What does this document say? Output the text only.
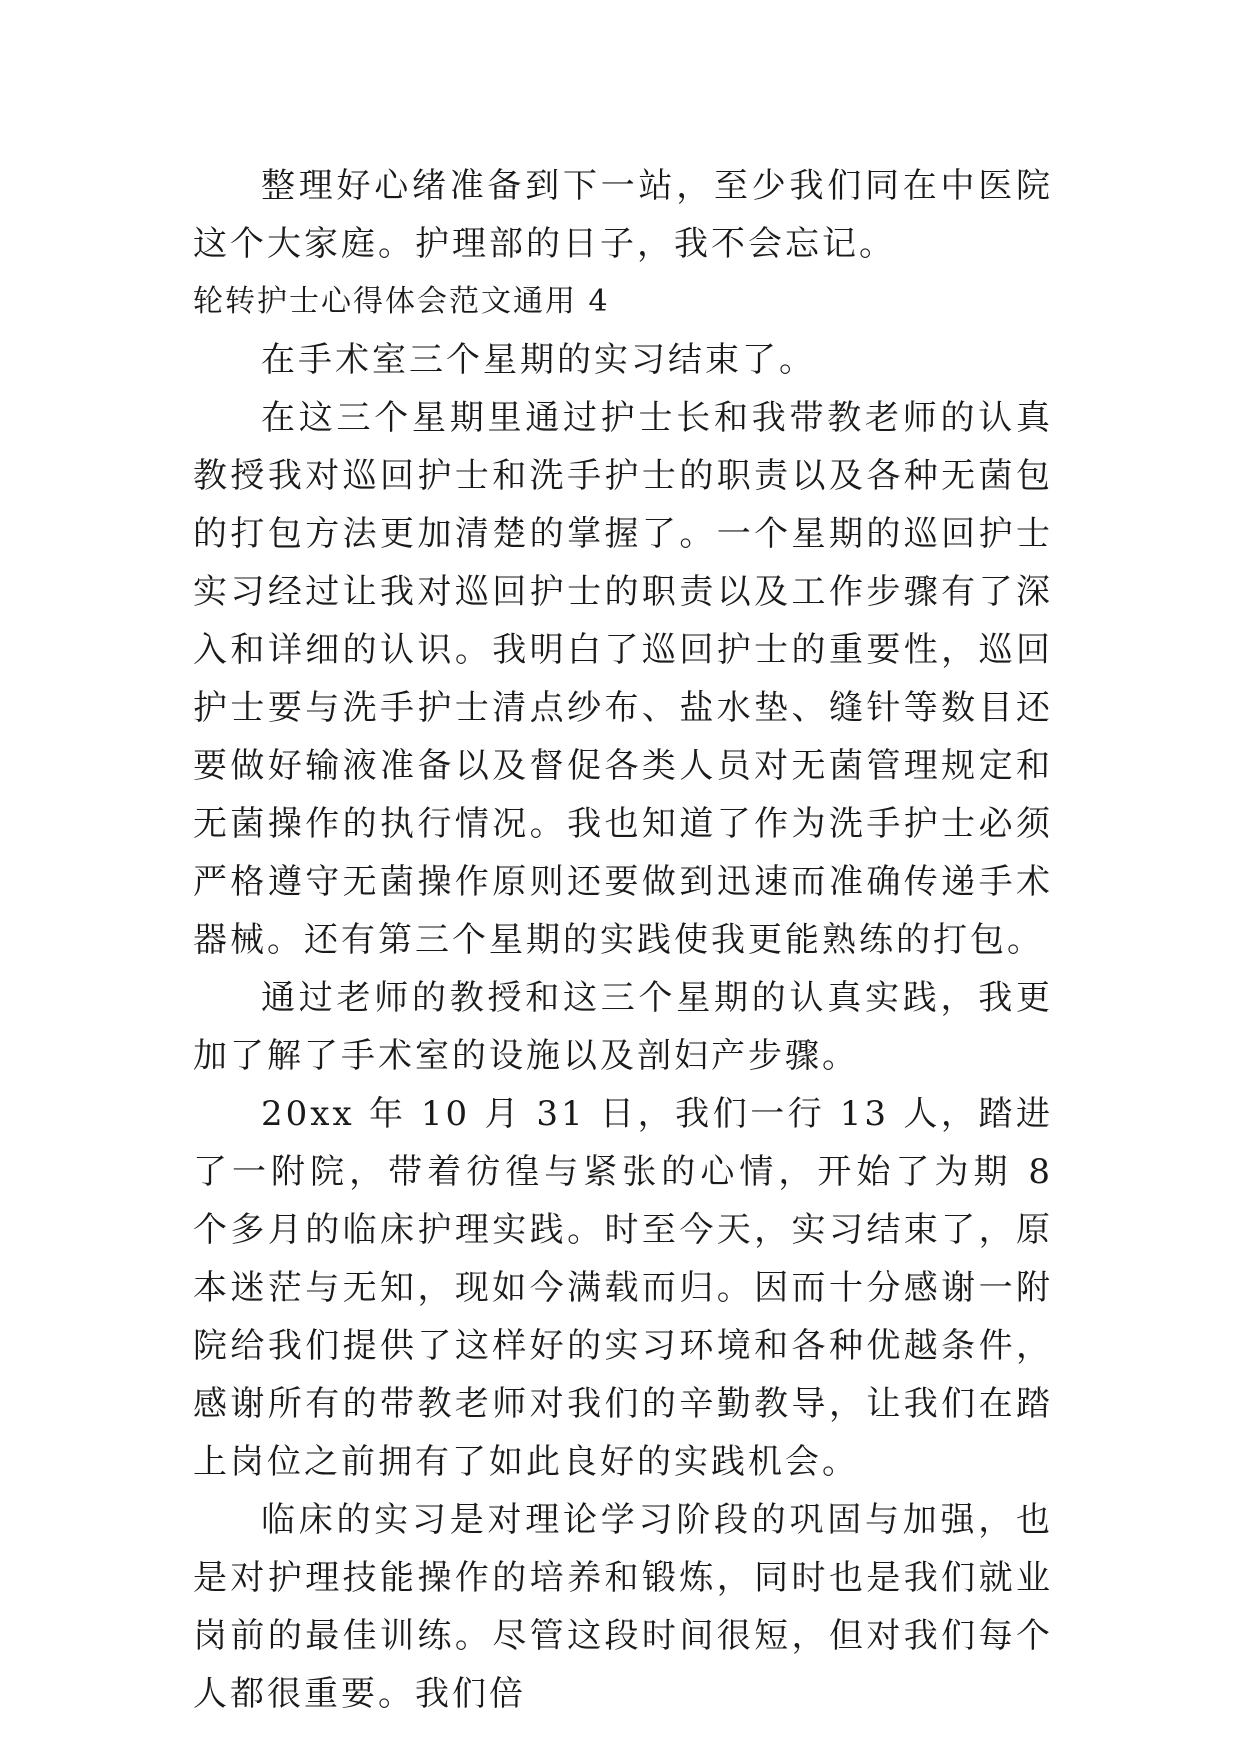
整理好心绪准备到下一站，至少我们同在中医院这个大家庭。护理部的日子，我不会忘记。

轮转护士心得体会范文通用 4

在手术室三个星期的实习结束了。

在这三个星期里通过护士长和我带教老师的认真教授我对巡回护士和洗手护士的职责以及各种无菌包的打包方法更加清楚的掌握了。一个星期的巡回护士实习经过让我对巡回护士的职责以及工作步骤有了深入和详细的认识。我明白了巡回护士的重要性，巡回护士要与洗手护士清点纱布、盐水垫、缝针等数目还要做好输液准备以及督促各类人员对无菌管理规定和无菌操作的执行情况。我也知道了作为洗手护士必须严格遵守无菌操作原则还要做到迅速而准确传递手术器械。还有第三个星期的实践使我更能熟练的打包。

通过老师的教授和这三个星期的认真实践，我更加了解了手术室的设施以及剖妇产步骤。

20xx 年 10 月 31 日，我们一行 13 人，踏进了一附院，带着彷徨与紧张的心情，开始了为期 8 个多月的临床护理实践。时至今天，实习结束了，原本迷茫与无知，现如今满载而归。因而十分感谢一附院给我们提供了这样好的实习环境和各种优越条件，感谢所有的带教老师对我们的辛勤教导，让我们在踏上岗位之前拥有了如此良好的实践机会。

临床的实习是对理论学习阶段的巩固与加强，也是对护理技能操作的培养和锻炼，同时也是我们就业岗前的最佳训练。尽管这段时间很短，但对我们每个人都很重要。我们倍
